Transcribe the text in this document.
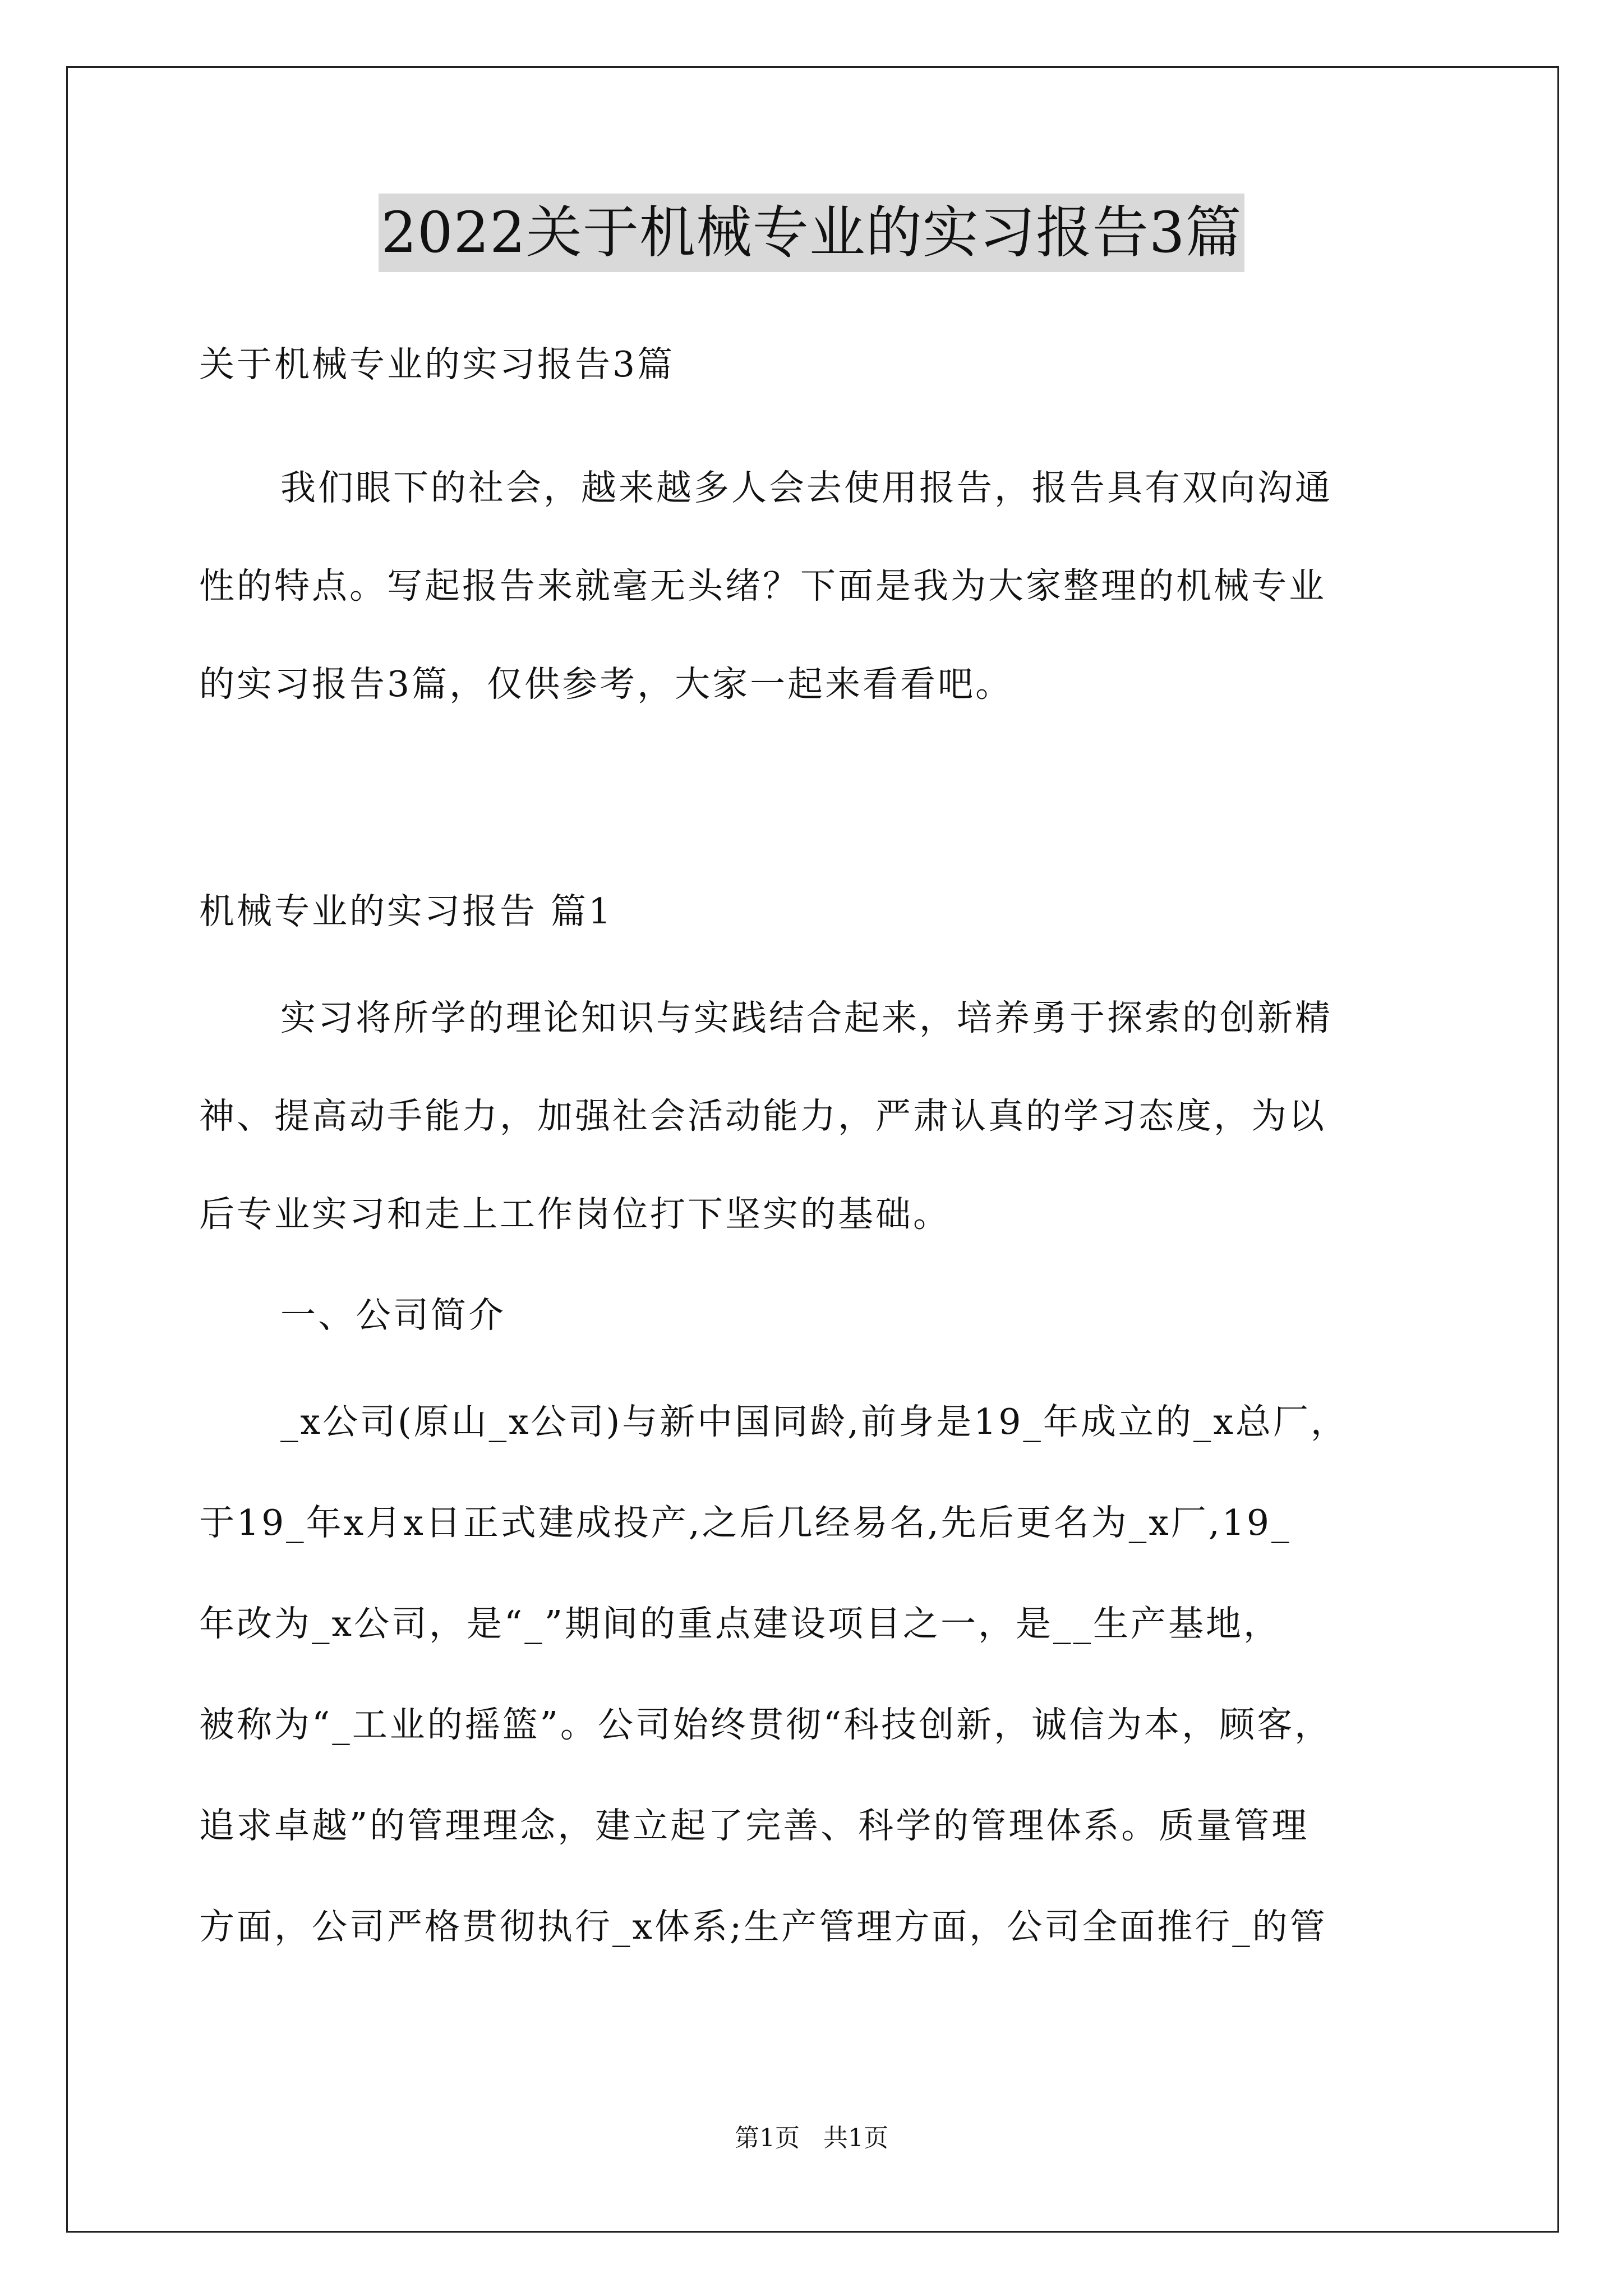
2022关于机械专业的实习报告3篇
关于机械专业的实习报告3篇
我们眼下的社会，越来越多人会去使用报告，报告具有双向沟通
性的特点。写起报告来就毫无头绪？下面是我为大家整理的机械专业
的实习报告3篇，仅供参考，大家一起来看看吧。
机械专业的实习报告 篇1
实习将所学的理论知识与实践结合起来，培养勇于探索的创新精
神、提高动手能力，加强社会活动能力，严肃认真的学习态度，为以
后专业实习和走上工作岗位打下坚实的基础。
一、公司简介
_x公司(原山_x公司)与新中国同龄,前身是19_年成立的_x总厂，
于19_年x月x日正式建成投产,之后几经易名,先后更名为_x厂,19_
年改为_x公司，是“_”期间的重点建设项目之一，是__生产基地，
被称为“_工业的摇篮”。公司始终贯彻“科技创新，诚信为本，顾客，
追求卓越”的管理理念，建立起了完善、科学的管理体系。质量管理
方面，公司严格贯彻执行_x体系;生产管理方面，公司全面推行_的管
第1页 共1页
